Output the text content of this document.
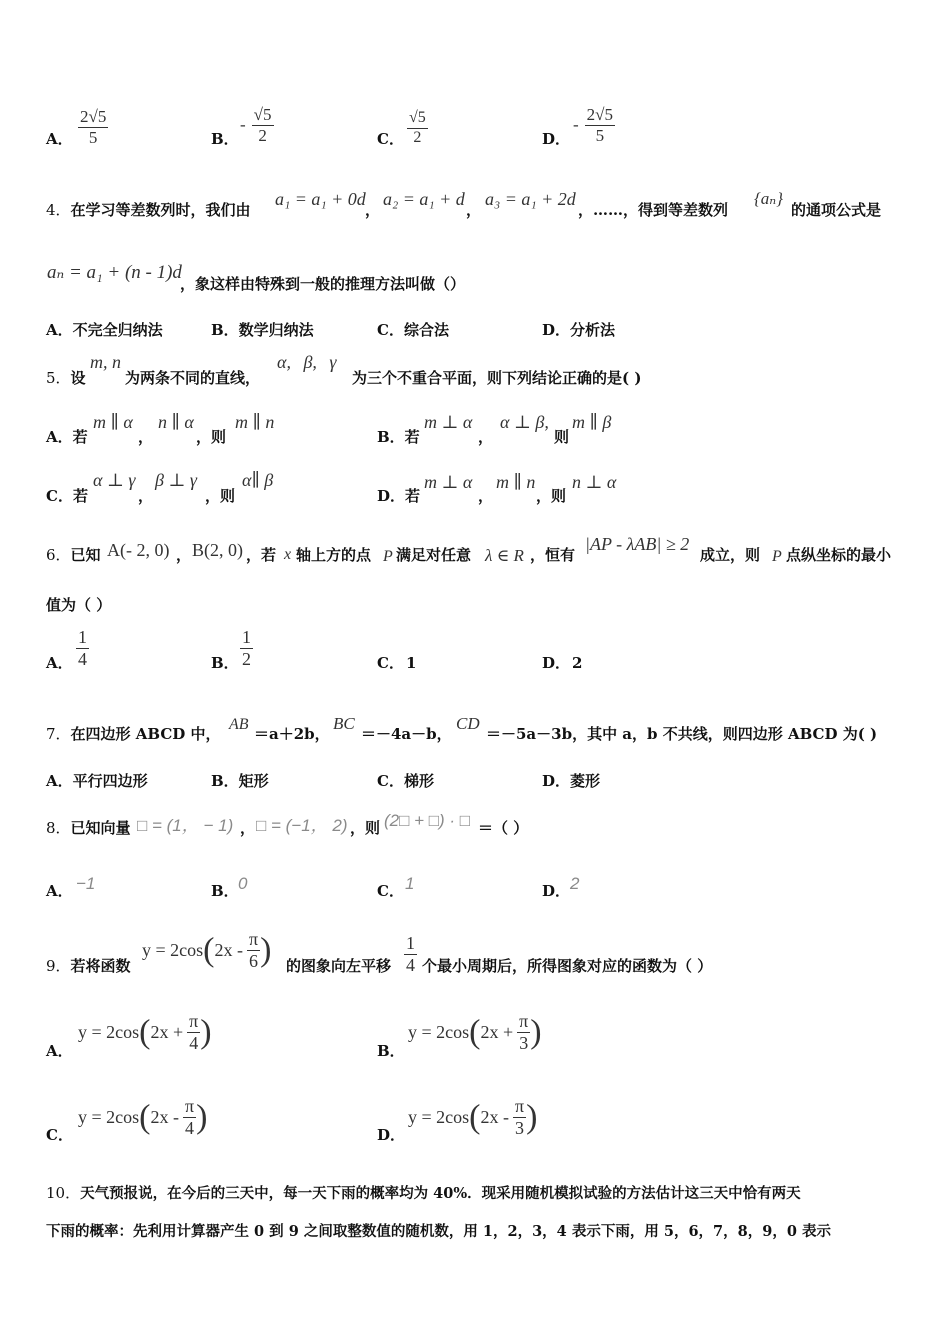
A． $\frac{2√5}{5}$	B．
- $\frac{√5}{2}$	C． $\frac{√5}{2}$	D．
- $\frac{2√5}{5}$
4．在学习等差数列时，我们由
a₁ = a₁ + 0d
，
a₂ = a₁ + d
，
a₃ = a₁ + 2d
，……，得到等差数列
{aₙ}
的通项公式是
aₙ = a₁ + (n - 1)d
，象这样由特殊到一般的推理方法叫做（）
A．不完全归纳法	B．数学归纳法	C．综合法	D．分析法
5．设
m, n
为两条不同的直线，
α, β, γ
为三个不重合平面，则下列结论正确的是( )
A．若
m ∥ α
，
n ∥ α
，则
m ∥ n
B．若
m ⊥ α
，
α ⊥ β,
则
m ∥ β
C．若
α ⊥ γ
，
β ⊥ γ
，则
α∥ β
D．若
m ⊥ α
，
m ∥ n
，则
n ⊥ α
6．已知 A(- 2, 0) ， B(2, 0) ，若 x 轴上方的点 P 满足对任意 λ ∈ R ，恒有
|AP - λAB| ≥ 2
成立，则 P 点纵坐标的最小
值为（ ）
A． $\frac{1}{4}$	B． $\frac{1}{2}$	C． 1	D． 2
7．在四边形 ABCD 中，
AB
＝a＋2b，
BC
＝－4a－b，
CD
＝－5a－3b，其中 a，b 不共线，则四边形 ABCD 为( )
A．平行四边形	B．矩形	C．梯形	D．菱形
8．已知向量 □ = (1， − 1) ， □ = (−1， 2) ，则 (2□ + □) · □ ＝（ ）
A． −1	B． 0	C． 1	D． 2
9．若将函数
$y = 2\cos(2x - \frac{\pi}{6}$ ) 的图象向左平移 $\frac{1}{4}$ 个最小周期后，所得图象对应的函数为（ ）
A．
$y = 2\cos(2x + \frac{\pi}{4}$ )
B．
$y = 2\cos(2x + \frac{\pi}{3}$ )
C．
$y = 2\cos(2x - \frac{\pi}{4}$ )	D．
$y = 2\cos(2x - \frac{\pi}{3}$ )
10．天气预报说，在今后的三天中，每一天下雨的概率均为 40%．现采用随机模拟试验的方法估计这三天中恰有两天
下雨的概率：先利用计算器产生 0 到 9 之间取整数值的随机数，用 1，2，3，4 表示下雨，用 5，6，7，8，9，0 表示
